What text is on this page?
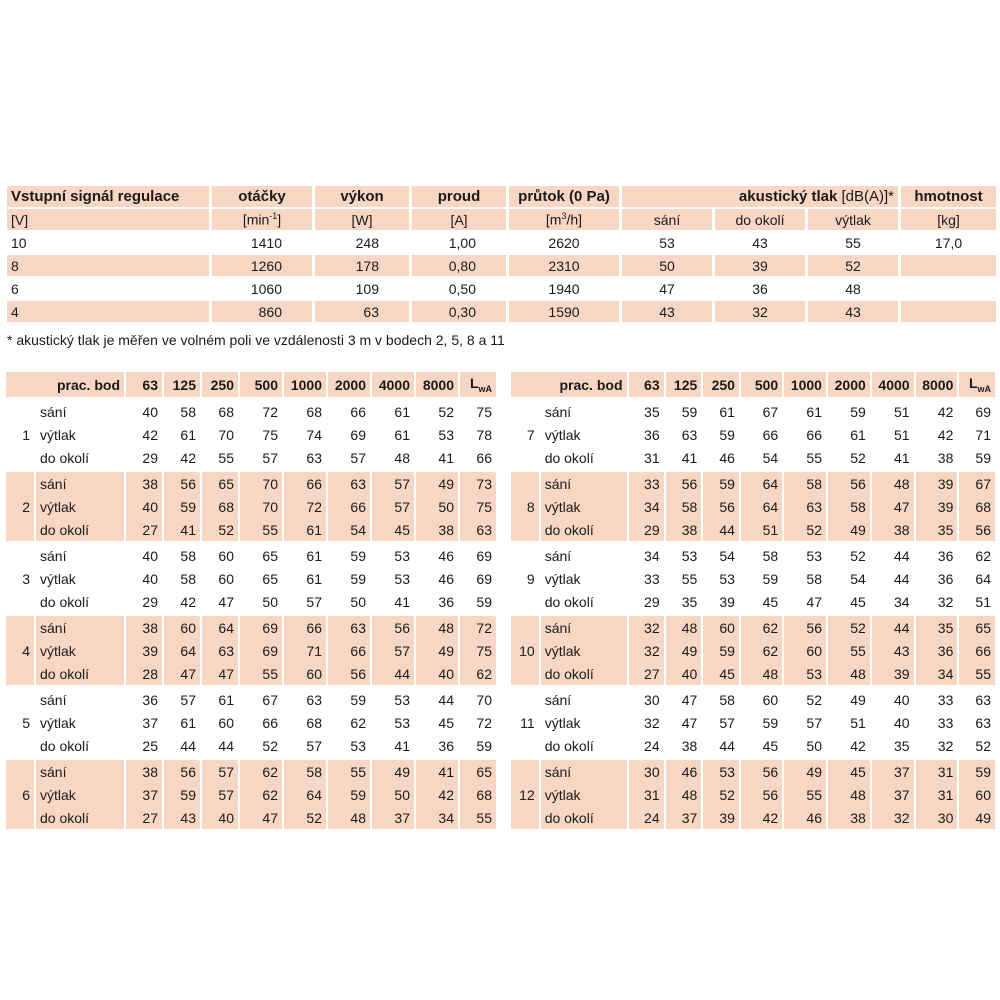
Vstupní signál regulace	otáčky	výkon	proud	průtok (0 Pa)	akustický tlak [dB(A)]*			hmotnost
[V]	$[\min^{-1}]$	[W]	[A]	$[m^3/h]$	sání	do okolí	výtlak	[kg]
10	1410	248	1,00	2620	53	43	55	17,0
8	1260	178	0,80	2310	50	39	52	
6	1060	109	0,50	1940	47	36	48	
4	860	63	0,30	1590	43	32	43	
* akustický tlak je měřen ve volném poli ve vzdálenosti 3 m v bodech 2, 5, 8 a 11
prac. bod		63	125	250	500	1000	2000	4000	8000	$L_{wA}$

	sání	40	58	68	72	68	66	61	52	75
1	výtlak	42	61	70	75	74	69	61	53	78
	do okolí	29	42	55	57	63	57	48	41	66

	sání	38	56	65	70	66	63	57	49	73
2	výtlak	40	59	68	70	72	66	57	50	75
	do okolí	27	41	52	55	61	54	45	38	63

	sání	40	58	60	65	61	59	53	46	69
3	výtlak	40	58	60	65	61	59	53	46	69
	do okolí	29	42	47	50	57	50	41	36	59

	sání	38	60	64	69	66	63	56	48	72
4	výtlak	39	64	63	69	71	66	57	49	75
	do okolí	28	47	47	55	60	56	44	40	62

	sání	36	57	61	67	63	59	53	44	70
5	výtlak	37	61	60	66	68	62	53	45	72
	do okolí	25	44	44	52	57	53	41	36	59

	sání	38	56	57	62	58	55	49	41	65
6	výtlak	37	59	57	62	64	59	50	42	68
	do okolí	27	43	40	47	52	48	37	34	55
prac. bod		63	125	250	500	1000	2000	4000	8000	$L_{wA}$

	sání	35	59	61	67	61	59	51	42	69
7	výtlak	36	63	59	66	66	61	51	42	71
	do okolí	31	41	46	54	55	52	41	38	59

	sání	33	56	59	64	58	56	48	39	67
8	výtlak	34	58	56	64	63	58	47	39	68
	do okolí	29	38	44	51	52	49	38	35	56

	sání	34	53	54	58	53	52	44	36	62
9	výtlak	33	55	53	59	58	54	44	36	64
	do okolí	29	35	39	45	47	45	34	32	51

	sání	32	48	60	62	56	52	44	35	65
10	výtlak	32	49	59	62	60	55	43	36	66
	do okolí	27	40	45	48	53	48	39	34	55

	sání	30	47	58	60	52	49	40	33	63
11	výtlak	32	47	57	59	57	51	40	33	63
	do okolí	24	38	44	45	50	42	35	32	52

	sání	30	46	53	56	49	45	37	31	59
12	výtlak	31	48	52	56	55	48	37	31	60
	do okolí	24	37	39	42	46	38	32	30	49
